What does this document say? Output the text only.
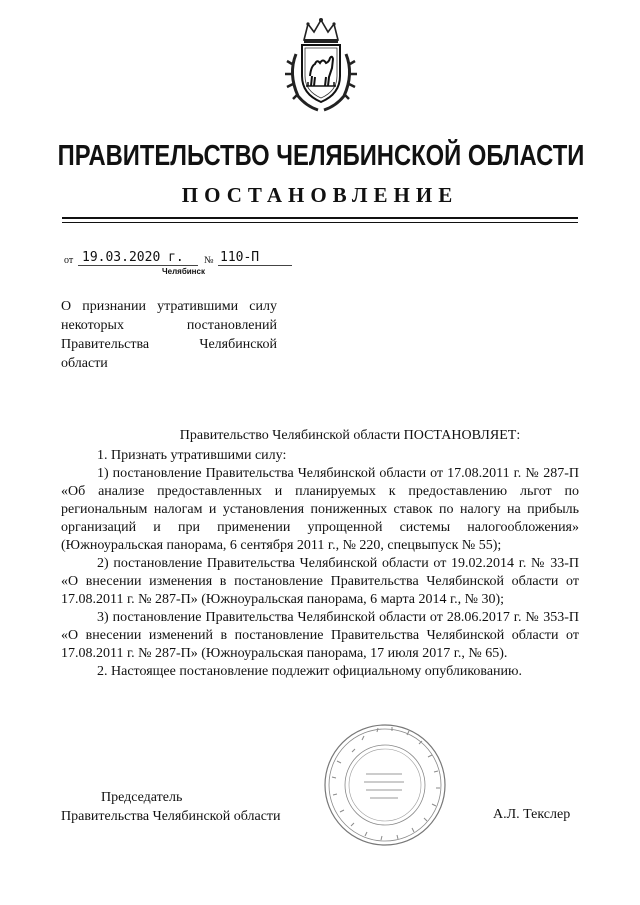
ПРАВИТЕЛЬСТВО ЧЕЛЯБИНСКОЙ ОБЛАСТИ
ПОСТАНОВЛЕНИЕ
от 19.03.2020 г. № 110-П
Челябинск
О признании утратившими силу некоторых постановлений Правительства Челябинской области

Правительство Челябинской области ПОСТАНОВЛЯЕТ:

1. Признать утратившими силу:

1) постановление Правительства Челябинской области от 17.08.2011 г. № 287-П «Об анализе предоставленных и планируемых к предоставлению льгот по региональным налогам и установления пониженных ставок по налогу на прибыль организаций и при применении упрощенной системы налогообложения» (Южноуральская панорама, 6 сентября 2011 г., № 220, спецвыпуск № 55);

2) постановление Правительства Челябинской области от 19.02.2014 г. № 33-П «О внесении изменения в постановление Правительства Челябинской области от 17.08.2011 г. № 287-П» (Южноуральская панорама, 6 марта 2014 г., № 30);

3) постановление Правительства Челябинской области от 28.06.2017 г. № 353-П «О внесении изменений в постановление Правительства Челябинской области от 17.08.2011 г. № 287-П» (Южноуральская панорама, 17 июля 2017 г., № 65).

2. Настоящее постановление подлежит официальному опубликованию.

Председатель
Правительства Челябинской области	А.Л. Текслер
